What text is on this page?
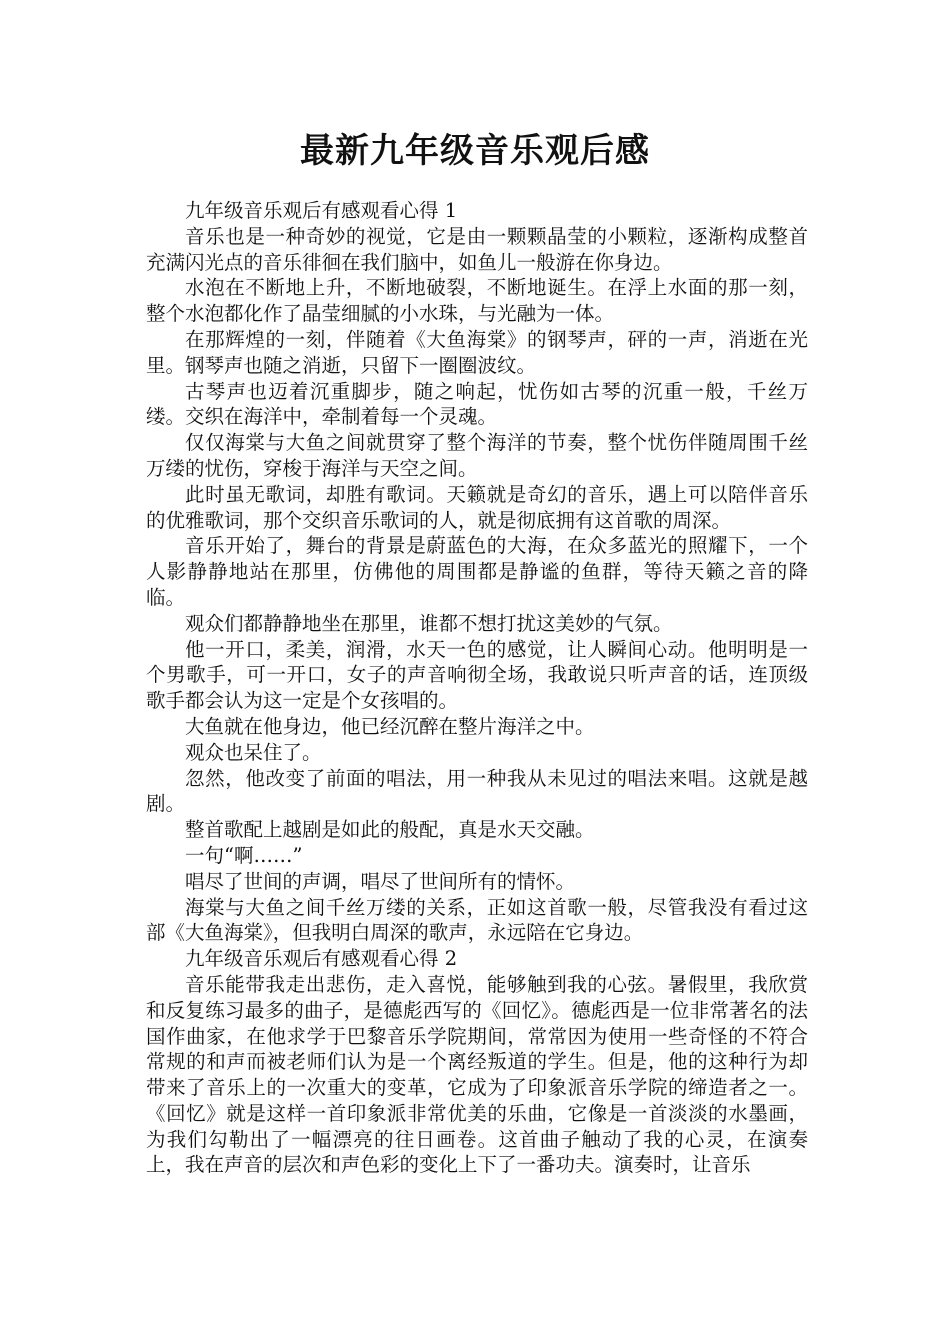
最新九年级音乐观后感

九年级音乐观后有感观看心得 1

音乐也是一种奇妙的视觉，它是由一颗颗晶莹的小颗粒，逐渐构成整首充满闪光点的音乐徘徊在我们脑中，如鱼儿一般游在你身边。

水泡在不断地上升，不断地破裂，不断地诞生。在浮上水面的那一刻，整个水泡都化作了晶莹细腻的小水珠，与光融为一体。

在那辉煌的一刻，伴随着《大鱼海棠》的钢琴声，砰的一声，消逝在光里。钢琴声也随之消逝，只留下一圈圈波纹。

古琴声也迈着沉重脚步，随之响起，忧伤如古琴的沉重一般，千丝万缕。交织在海洋中，牵制着每一个灵魂。

仅仅海棠与大鱼之间就贯穿了整个海洋的节奏，整个忧伤伴随周围千丝万缕的忧伤，穿梭于海洋与天空之间。

此时虽无歌词，却胜有歌词。天籁就是奇幻的音乐，遇上可以陪伴音乐的优雅歌词，那个交织音乐歌词的人，就是彻底拥有这首歌的周深。

音乐开始了，舞台的背景是蔚蓝色的大海，在众多蓝光的照耀下，一个人影静静地站在那里，仿佛他的周围都是静谧的鱼群，等待天籁之音的降临。

观众们都静静地坐在那里，谁都不想打扰这美妙的气氛。

他一开口，柔美，润滑，水天一色的感觉，让人瞬间心动。他明明是一个男歌手，可一开口，女子的声音响彻全场，我敢说只听声音的话，连顶级歌手都会认为这一定是个女孩唱的。

大鱼就在他身边，他已经沉醉在整片海洋之中。

观众也呆住了。

忽然，他改变了前面的唱法，用一种我从未见过的唱法来唱。这就是越剧。

整首歌配上越剧是如此的般配，真是水天交融。

一句“啊……”

唱尽了世间的声调，唱尽了世间所有的情怀。

海棠与大鱼之间千丝万缕的关系，正如这首歌一般，尽管我没有看过这部《大鱼海棠》，但我明白周深的歌声，永远陪在它身边。

九年级音乐观后有感观看心得 2

音乐能带我走出悲伤，走入喜悦，能够触到我的心弦。暑假里，我欣赏和反复练习最多的曲子，是德彪西写的《回忆》。德彪西是一位非常著名的法国作曲家，在他求学于巴黎音乐学院期间，常常因为使用一些奇怪的不符合常规的和声而被老师们认为是一个离经叛道的学生。但是，他的这种行为却带来了音乐上的一次重大的变革，它成为了印象派音乐学院的缔造者之一。《回忆》就是这样一首印象派非常优美的乐曲，它像是一首淡淡的水墨画，为我们勾勒出了一幅漂亮的往日画卷。这首曲子触动了我的心灵，在演奏上，我在声音的层次和声色彩的变化上下了一番功夫。演奏时，让音乐
